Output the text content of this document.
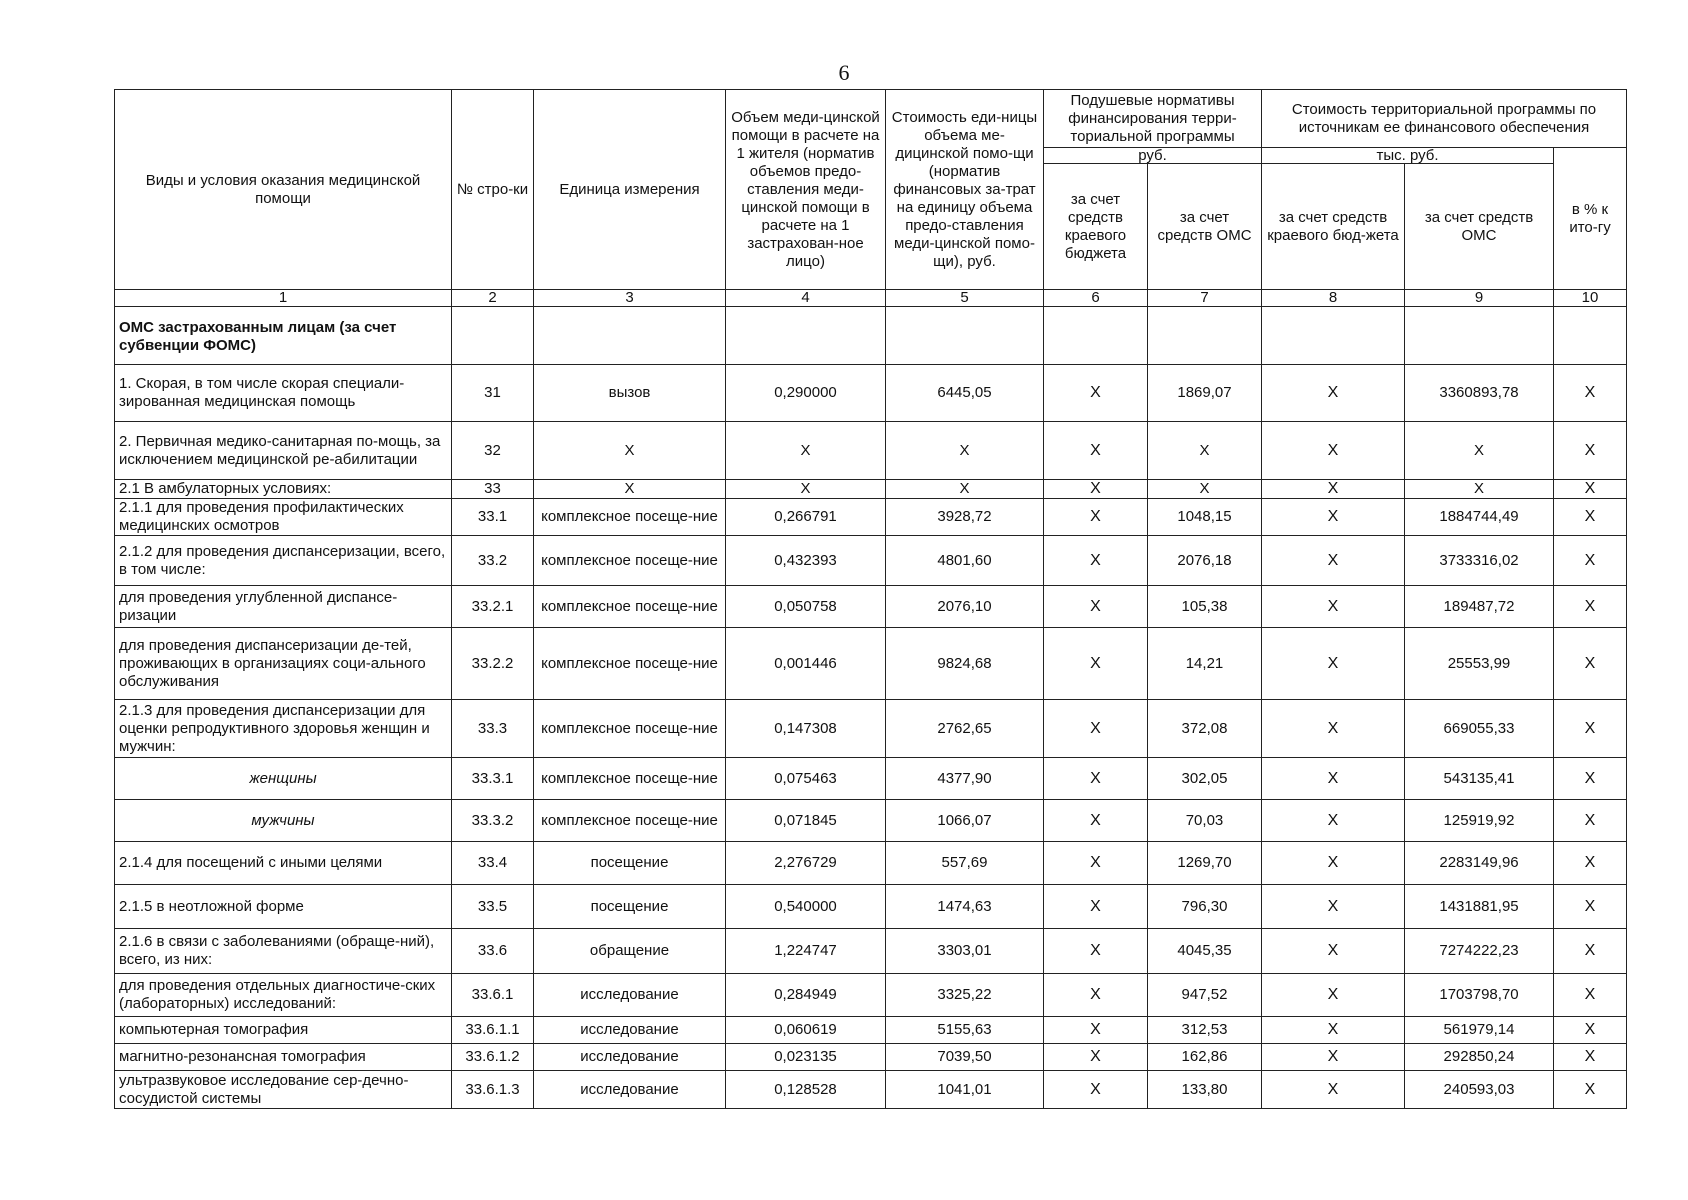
6
Виды и условия оказания медицинской помощи	№ стро-ки	Единица измерения	Объем меди-цинской помощи в расчете на 1 жителя (норматив объемов предо-ставления меди-цинской помощи в расчете на 1 застрахован-ное лицо)	Стоимость еди-ницы объема ме-дицинской помо-щи (норматив финансовых за-трат на единицу объема предо-ставления меди-цинской помо-щи), руб.	Подушевые нормативы финансирования терри-ториальной программы		Стоимость территориальной программы по источникам ее финансового обеспечения		
					руб.		тыс. руб.		в % к ито-гу
					за счет средств краевого бюджета	за счет средств ОМС	за счет средств краевого бюд-жета	за счет средств ОМС	
1	2	3	4	5	6	7	8	9	10
ОМС застрахованным лицам (за счет субвенции ФОМС)									
1. Скорая, в том числе скорая специали-зированная медицинская помощь	31	вызов	0,290000	6445,05	X	1869,07	X	3360893,78	X
2. Первичная медико-санитарная по-мощь, за исключением медицинской ре-абилитации	32	X	X	X	X	X	X	X	X
2.1 В амбулаторных условиях:	33	X	X	X	X	X	X	X	X
2.1.1 для проведения профилактических медицинских осмотров	33.1	комплексное посеще-ние	0,266791	3928,72	X	1048,15	X	1884744,49	X
2.1.2 для проведения диспансеризации, всего, в том числе:	33.2	комплексное посеще-ние	0,432393	4801,60	X	2076,18	X	3733316,02	X
для проведения углубленной диспансе-ризации	33.2.1	комплексное посеще-ние	0,050758	2076,10	X	105,38	X	189487,72	X
для проведения диспансеризации де-тей, проживающих в организациях соци-ального обслуживания	33.2.2	комплексное посеще-ние	0,001446	9824,68	X	14,21	X	25553,99	X
2.1.3 для проведения диспансеризации для оценки репродуктивного здоровья женщин и мужчин:	33.3	комплексное посеще-ние	0,147308	2762,65	X	372,08	X	669055,33	X
женщины	33.3.1	комплексное посеще-ние	0,075463	4377,90	X	302,05	X	543135,41	X
мужчины	33.3.2	комплексное посеще-ние	0,071845	1066,07	X	70,03	X	125919,92	X
2.1.4 для посещений с иными целями	33.4	посещение	2,276729	557,69	X	1269,70	X	2283149,96	X
2.1.5 в неотложной форме	33.5	посещение	0,540000	1474,63	X	796,30	X	1431881,95	X
2.1.6 в связи с заболеваниями (обраще-ний), всего, из них:	33.6	обращение	1,224747	3303,01	X	4045,35	X	7274222,23	X
для проведения отдельных диагностиче-ских (лабораторных) исследований:	33.6.1	исследование	0,284949	3325,22	X	947,52	X	1703798,70	X
компьютерная томография	33.6.1.1	исследование	0,060619	5155,63	X	312,53	X	561979,14	X
магнитно-резонансная томография	33.6.1.2	исследование	0,023135	7039,50	X	162,86	X	292850,24	X
ультразвуковое исследование сер-дечно-сосудистой системы	33.6.1.3	исследование	0,128528	1041,01	X	133,80	X	240593,03	X
